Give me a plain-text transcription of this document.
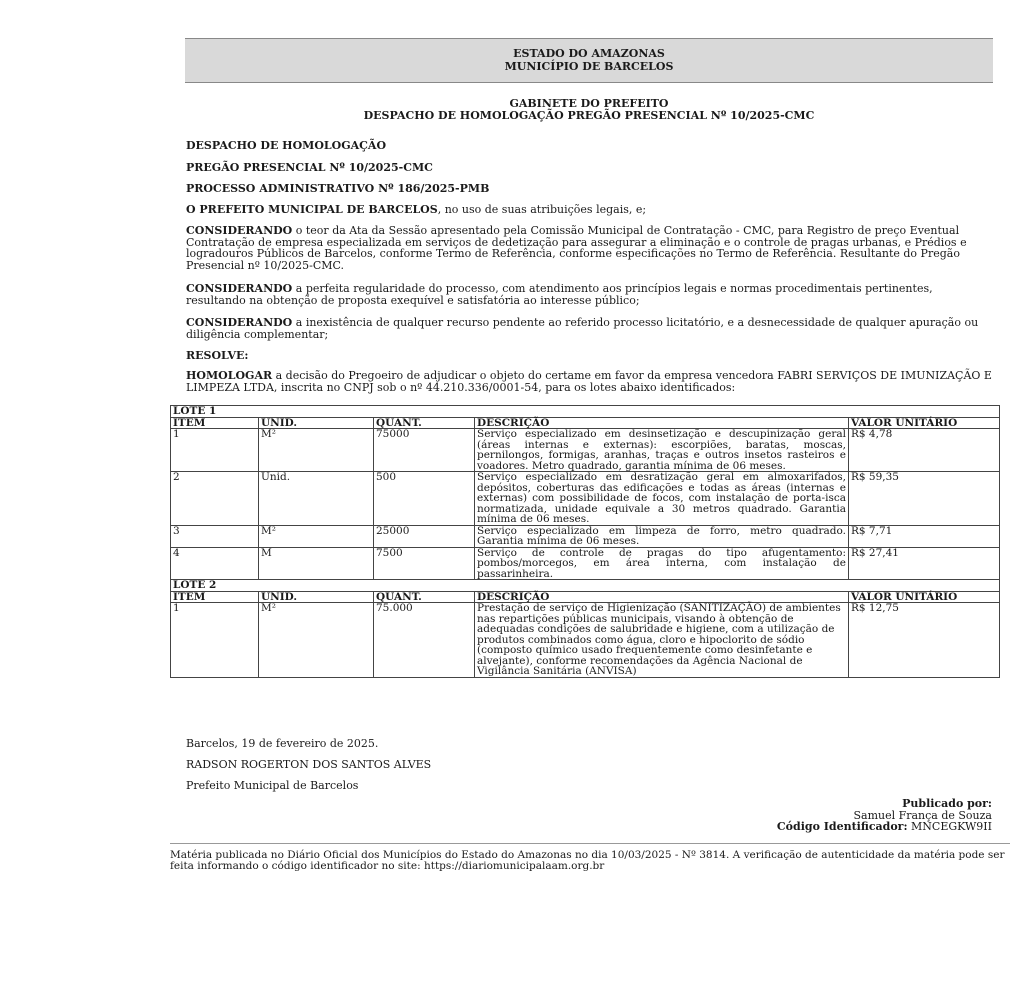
ESTADO DO AMAZONAS
MUNICÍPIO DE BARCELOS
GABINETE DO PREFEITO
DESPACHO DE HOMOLOGAÇÃO PREGÃO PRESENCIAL Nº 10/2025-CMC

DESPACHO DE HOMOLOGAÇÃO

PREGÃO PRESENCIAL Nº 10/2025-CMC

PROCESSO ADMINISTRATIVO Nº 186/2025-PMB

O PREFEITO MUNICIPAL DE BARCELOS, no uso de suas atribuições legais, e;

CONSIDERANDO o teor da Ata da Sessão apresentado pela Comissão Municipal de Contratação - CMC, para Registro de preço Eventual Contratação de empresa especializada em serviços de dedetização para assegurar a eliminação e o controle de pragas urbanas, e Prédios e logradouros Públicos de Barcelos, conforme Termo de Referência, conforme especificações no Termo de Referência. Resultante do Pregão Presencial nº 10/2025-CMC.

CONSIDERANDO a perfeita regularidade do processo, com atendimento aos princípios legais e normas procedimentais pertinentes, resultando na obtenção de proposta exequível e satisfatória ao interesse público;

CONSIDERANDO a inexistência de qualquer recurso pendente ao referido processo licitatório, e a desnecessidade de qualquer apuração ou diligência complementar;

RESOLVE:

HOMOLOGAR a decisão do Pregoeiro de adjudicar o objeto do certame em favor da empresa vencedora FABRI SERVIÇOS DE IMUNIZAÇÃO E LIMPEZA LTDA, inscrita no CNPJ sob o nº 44.210.336/0001-54, para os lotes abaixo identificados:

LOTE 1				
ITEM	UNID.	QUANT.	DESCRIÇÃO	VALOR UNITÁRIO
1	M²	75000	Serviço especializado em desinsetização e descupinização geral (áreas internas e externas): escorpiões, baratas, moscas, pernilongos, formigas, aranhas, traças e outros insetos rasteiros e voadores. Metro quadrado, garantia mínima de 06 meses.	R$ 4,78
2	Unid.	500	Serviço especializado em desratização geral em almoxarifados, depósitos, coberturas das edificações e todas as áreas (internas e externas) com possibilidade de focos, com instalação de porta-isca normatizada, unidade equivale a 30 metros quadrado. Garantia mínima de 06 meses.	R$ 59,35
3	M²	25000	Serviço especializado em limpeza de forro, metro quadrado. Garantia mínima de 06 meses.	R$ 7,71
4	M	7500	Serviço de controle de pragas do tipo afugentamento: pombos/morcegos, em área interna, com instalação de passarinheira.	R$ 27,41
LOTE 2				
ITEM	UNID.	QUANT.	DESCRIÇÃO	VALOR UNITÁRIO
1	M²	75.000	Prestação de serviço de Higienização (SANITIZAÇÃO) de ambientes nas repartições públicas municipais, visando à obtenção de adequadas condições de salubridade e higiene, com a utilização de produtos combinados como água, cloro e hipoclorito de sódio (composto químico usado frequentemente como desinfetante e alvejante), conforme recomendações da Agência Nacional de Vigilância Sanitária (ANVISA)	R$ 12,75
Barcelos, 19 de fevereiro de 2025.
RADSON ROGERTON DOS SANTOS ALVES
Prefeito Municipal de Barcelos
Publicado por:
Samuel França de Souza
Código Identificador: MNCEGKW9II
Matéria publicada no Diário Oficial dos Municípios do Estado do Amazonas no dia 10/03/2025 - Nº 3814. A verificação de autenticidade da matéria pode ser feita informando o código identificador no site: https://diariomunicipalaam.org.br
